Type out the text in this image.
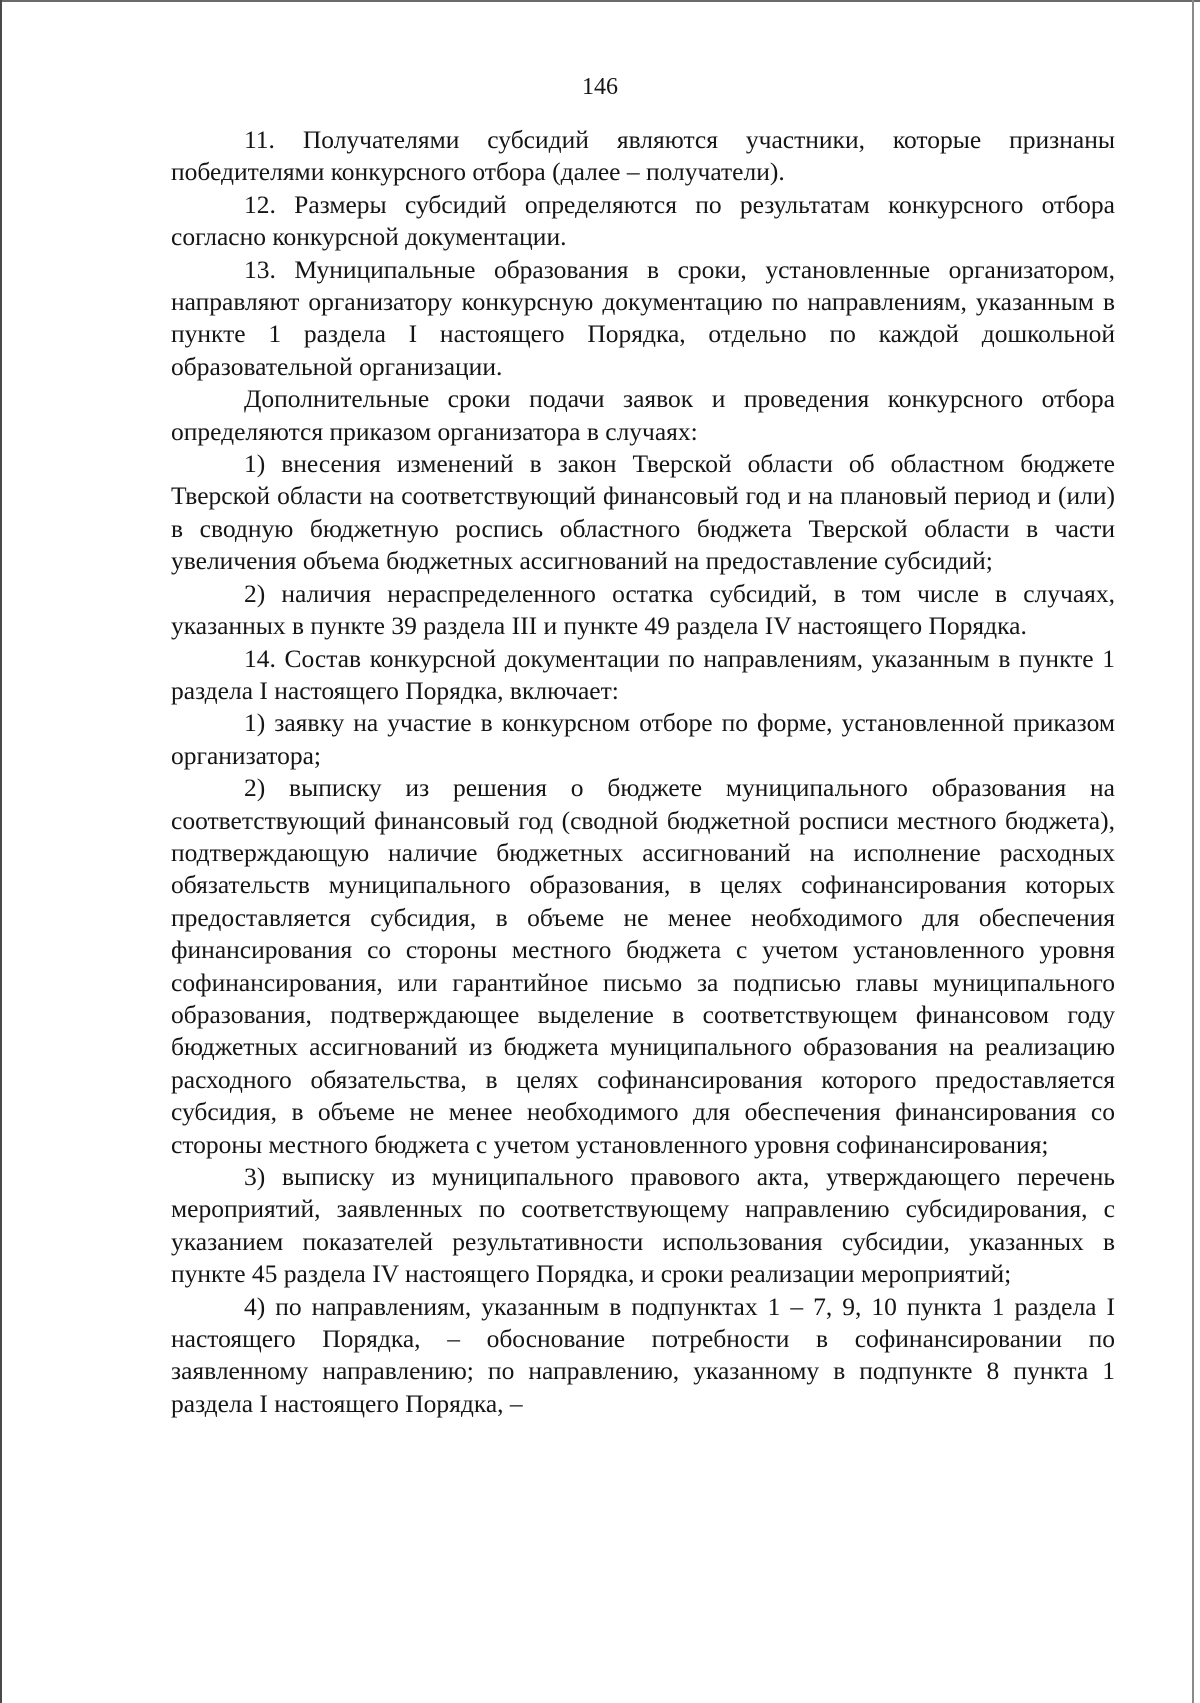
146

11. Получателями субсидий являются участники, которые признаны победителями конкурсного отбора (далее – получатели).

12. Размеры субсидий определяются по результатам конкурсного отбора согласно конкурсной документации.

13. Муниципальные образования в сроки, установленные организатором, направляют организатору конкурсную документацию по направлениям, указанным в пункте 1 раздела I настоящего Порядка, отдельно по каждой дошкольной образовательной организации.

Дополнительные сроки подачи заявок и проведения конкурсного отбора определяются приказом организатора в случаях:

1) внесения изменений в закон Тверской области об областном бюджете Тверской области на соответствующий финансовый год и на плановый период и (или) в сводную бюджетную роспись областного бюджета Тверской области в части увеличения объема бюджетных ассигнований на предоставление субсидий;

2) наличия нераспределенного остатка субсидий, в том числе в случаях, указанных в пункте 39 раздела III и пункте 49 раздела IV настоящего Порядка.

14. Состав конкурсной документации по направлениям, указанным в пункте 1 раздела I настоящего Порядка, включает:

1) заявку на участие в конкурсном отборе по форме, установленной приказом организатора;

2) выписку из решения о бюджете муниципального образования на соответствующий финансовый год (сводной бюджетной росписи местного бюджета), подтверждающую наличие бюджетных ассигнований на исполнение расходных обязательств муниципального образования, в целях софинансирования которых предоставляется субсидия, в объеме не менее необходимого для обеспечения финансирования со стороны местного бюджета с учетом установленного уровня софинансирования, или гарантийное письмо за подписью главы муниципального образования, подтверждающее выделение в соответствующем финансовом году бюджетных ассигнований из бюджета муниципального образования на реализацию расходного обязательства, в целях софинансирования которого предоставляется субсидия, в объеме не менее необходимого для обеспечения финансирования со стороны местного бюджета с учетом установленного уровня софинансирования;

3) выписку из муниципального правового акта, утверждающего перечень мероприятий, заявленных по соответствующему направлению субсидирования, с указанием показателей результативности использования субсидии, указанных в пункте 45 раздела IV настоящего Порядка, и сроки реализации мероприятий;

4) по направлениям, указанным в подпунктах 1 – 7, 9, 10 пункта 1 раздела I настоящего Порядка, – обоснование потребности в софинансировании по заявленному направлению; по направлению, указанному в подпункте 8 пункта 1 раздела I настоящего Порядка, –
